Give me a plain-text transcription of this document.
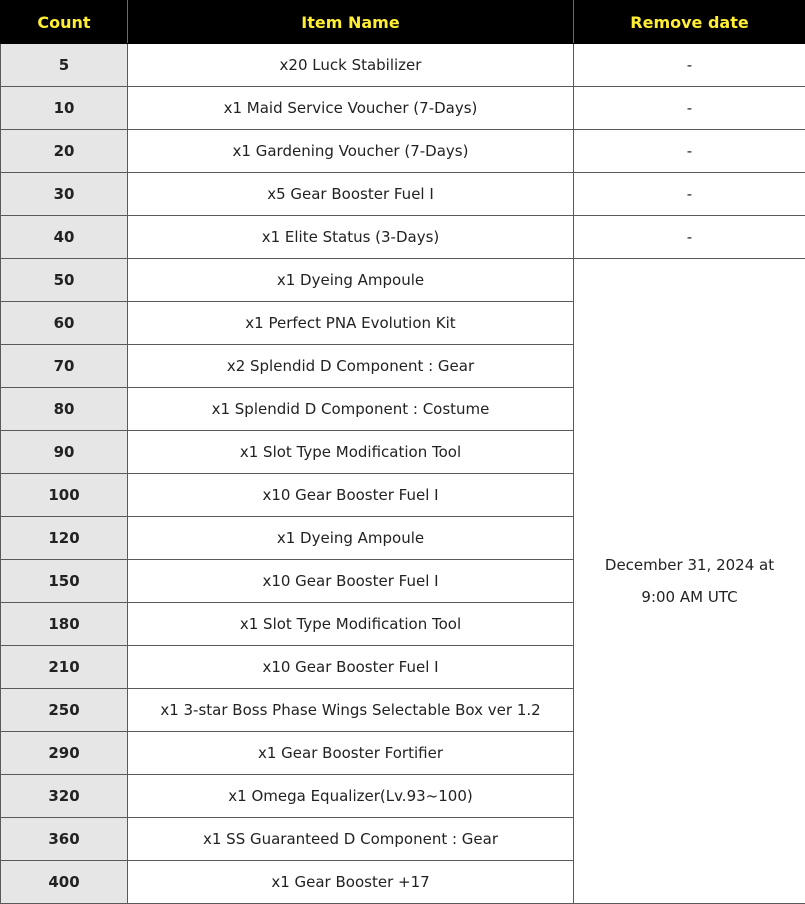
Count	Item Name	Remove date
5	x20 Luck Stabilizer	-
10	x1 Maid Service Voucher (7-Days)	-
20	x1 Gardening Voucher (7-Days)	-
30	x5 Gear Booster Fuel I	-
40	x1 Elite Status (3-Days)	-
50	x1 Dyeing Ampoule	December 31, 2024 at
9:00 AM UTC

60	x1 Perfect PNA Evolution Kit	
70	x2 Splendid D Component : Gear	
80	x1 Splendid D Component : Costume	
90	x1 Slot Type Modification Tool	
100	x10 Gear Booster Fuel I	
120	x1 Dyeing Ampoule	
150	x10 Gear Booster Fuel I	
180	x1 Slot Type Modification Tool	
210	x10 Gear Booster Fuel I	
250	x1 3-star Boss Phase Wings Selectable Box ver 1.2	
290	x1 Gear Booster Fortifier	
320	x1 Omega Equalizer(Lv.93~100)	
360	x1 SS Guaranteed D Component : Gear	
400	x1 Gear Booster +17	
